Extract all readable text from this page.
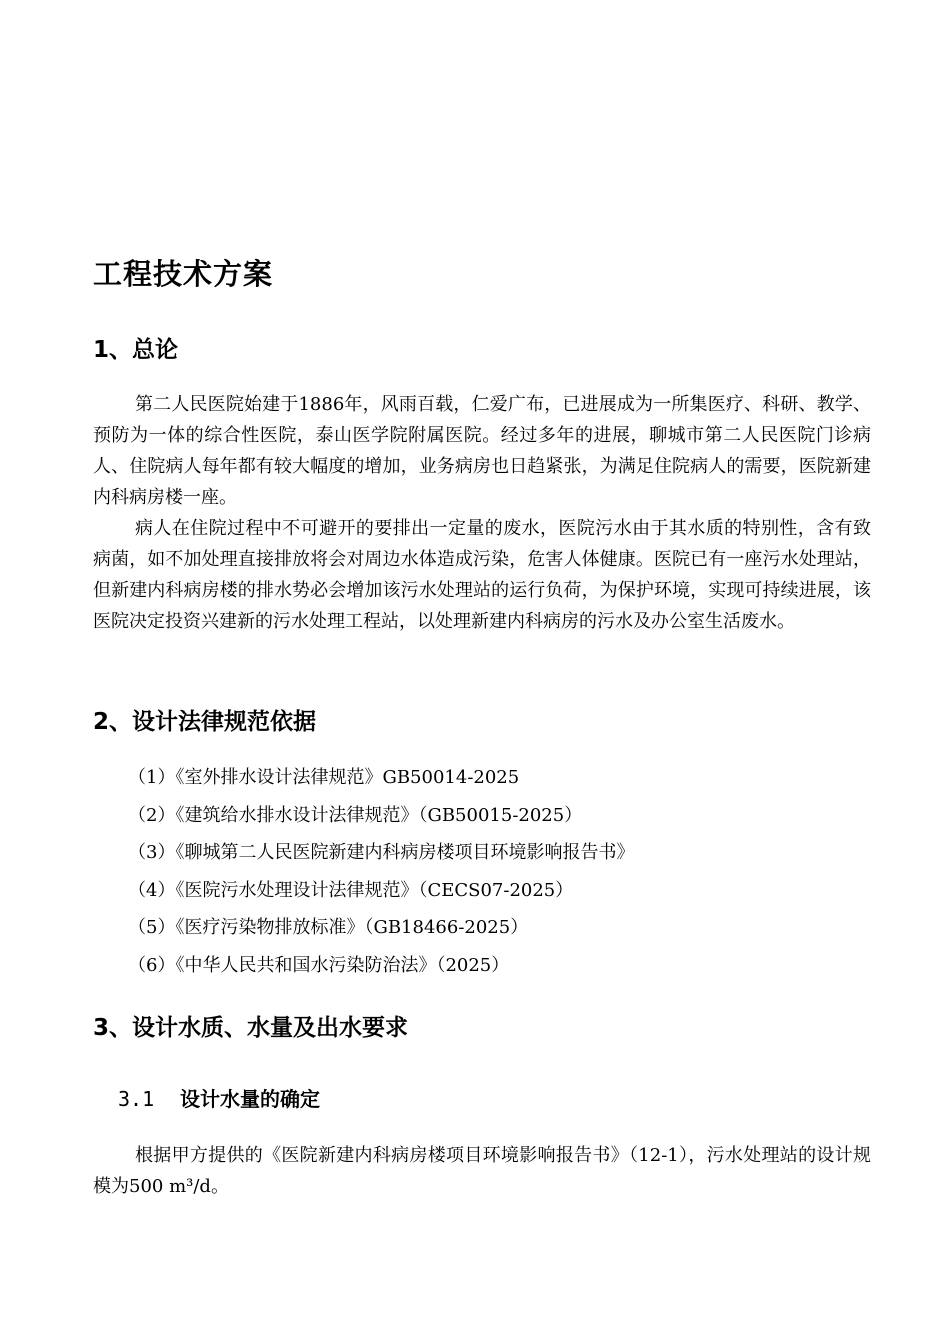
工程技术方案
1、总论

第二人民医院始建于1886年，风雨百载，仁爱广布，已进展成为一所集医疗、科研、教学、预防为一体的综合性医院，泰山医学院附属医院。经过多年的进展，聊城市第二人民医院门诊病人、住院病人每年都有较大幅度的增加，业务病房也日趋紧张，为满足住院病人的需要，医院新建内科病房楼一座。

病人在住院过程中不可避开的要排出一定量的废水，医院污水由于其水质的特别性，含有致病菌，如不加处理直接排放将会对周边水体造成污染，危害人体健康。医院已有一座污水处理站，但新建内科病房楼的排水势必会增加该污水处理站的运行负荷，为保护环境，实现可持续进展，该医院决定投资兴建新的污水处理工程站，以处理新建内科病房的污水及办公室生活废水。

2、设计法律规范依据
（1）《室外排水设计法律规范》GB50014-2025
（2）《建筑给水排水设计法律规范》（GB50015-2025）
（3）《聊城第二人民医院新建内科病房楼项目环境影响报告书》
（4）《医院污水处理设计法律规范》（CECS07-2025）
（5）《医疗污染物排放标准》（GB18466-2025）
（6）《中华人民共和国水污染防治法》（2025）
3、设计水质、水量及出水要求
3.1 设计水量的确定

根据甲方提供的《医院新建内科病房楼项目环境影响报告书》（12-1），污水处理站的设计规模为500 m³/d。
